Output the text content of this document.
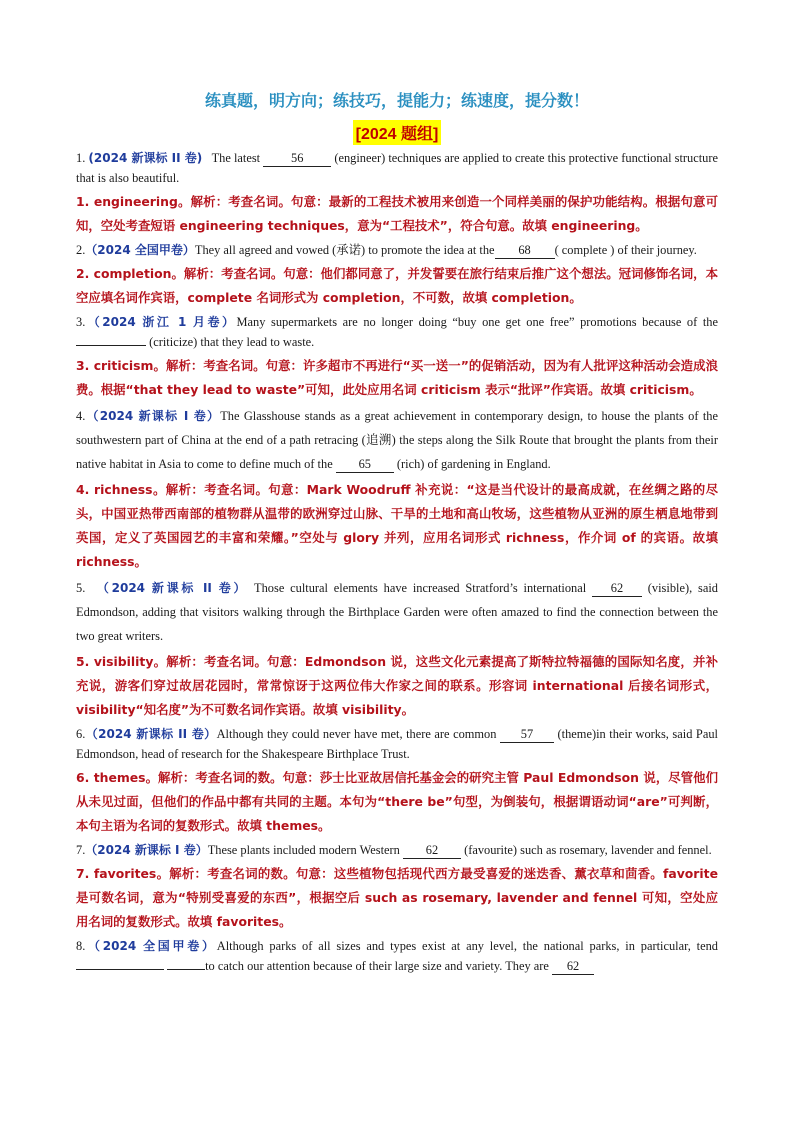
练真题，明方向；练技巧，提能力；练速度，提分数！
[2024 题组]

1. (2024 新课标 II 卷) The latest 56 (engineer) techniques are applied to create this protective functional structure that is also beautiful.

1. engineering。解析：考查名词。句意：最新的工程技术被用来创造一个同样美丽的保护功能结构。根据句意可知，空处考查短语 engineering techniques，意为“工程技术”，符合句意。故填 engineering。

2.（2024 全国甲卷）They all agreed and vowed (承诺) to promote the idea at the 68 ( complete ) of their journey.

2. completion。解析：考查名词。句意：他们都同意了，并发誓要在旅行结束后推广这个想法。冠词修饰名词，本空应填名词作宾语，complete 名词形式为 completion，不可数，故填 completion。

3.（2024 浙江 1 月卷）Many supermarkets are no longer doing “buy one get one free” promotions because of the  (criticize) that they lead to waste.

3. criticism。解析：考查名词。句意：许多超市不再进行“买一送一”的促销活动，因为有人批评这种活动会造成浪费。根据“that they lead to waste”可知，此处应用名词 criticism 表示“批评”作宾语。故填 criticism。

4.（2024 新课标 I 卷）The Glasshouse stands as a great achievement in contemporary design, to house the plants of the southwestern part of China at the end of a path retracing (追溯) the steps along the Silk Route that brought the plants from their native habitat in Asia to come to define much of the 65 (rich) of gardening in England.

4. richness。解析：考查名词。句意：Mark Woodruff 补充说：“这是当代设计的最高成就，在丝绸之路的尽头，中国亚热带西南部的植物群从温带的欧洲穿过山脉、干旱的土地和高山牧场，这些植物从亚洲的原生栖息地带到英国，定义了英国园艺的丰富和荣耀。”空处与 glory 并列，应用名词形式 richness，作介词 of 的宾语。故填 richness。

5. （2024 新课标 II 卷） Those cultural elements have increased Stratford’s international 62 (visible), said Edmondson, adding that visitors walking through the Birthplace Garden were often amazed to find the connection between the two great writers.

5. visibility。解析：考查名词。句意：Edmondson 说，这些文化元素提高了斯特拉特福德的国际知名度，并补充说，游客们穿过故居花园时，常常惊讶于这两位伟大作家之间的联系。形容词 international 后接名词形式，visibility“知名度”为不可数名词作宾语。故填 visibility。

6.（2024 新课标 II 卷）Although they could never have met, there are common 57 (theme)in their works, said Paul Edmondson, head of research for the Shakespeare Birthplace Trust.

6. themes。解析：考查名词的数。句意：莎士比亚故居信托基金会的研究主管 Paul Edmondson 说，尽管他们从未见过面，但他们的作品中都有共同的主题。本句为“there be”句型，为倒装句，根据谓语动词“are”可判断，本句主语为名词的复数形式。故填 themes。

7.（2024 新课标 I 卷）These plants included modern Western 62 (favourite) such as rosemary, lavender and fennel.

7. favorites。解析：考查名词的数。句意：这些植物包括现代西方最受喜爱的迷迭香、薰衣草和茴香。favorite 是可数名词，意为“特别受喜爱的东西”，根据空后 such as rosemary, lavender and fennel 可知，空处应用名词的复数形式。故填 favorites。

8.（2024 全国甲卷）Although parks of all sizes and types exist at any level, the national parks, in particular, tend  to catch our attention because of their large size and variety. They are 62
